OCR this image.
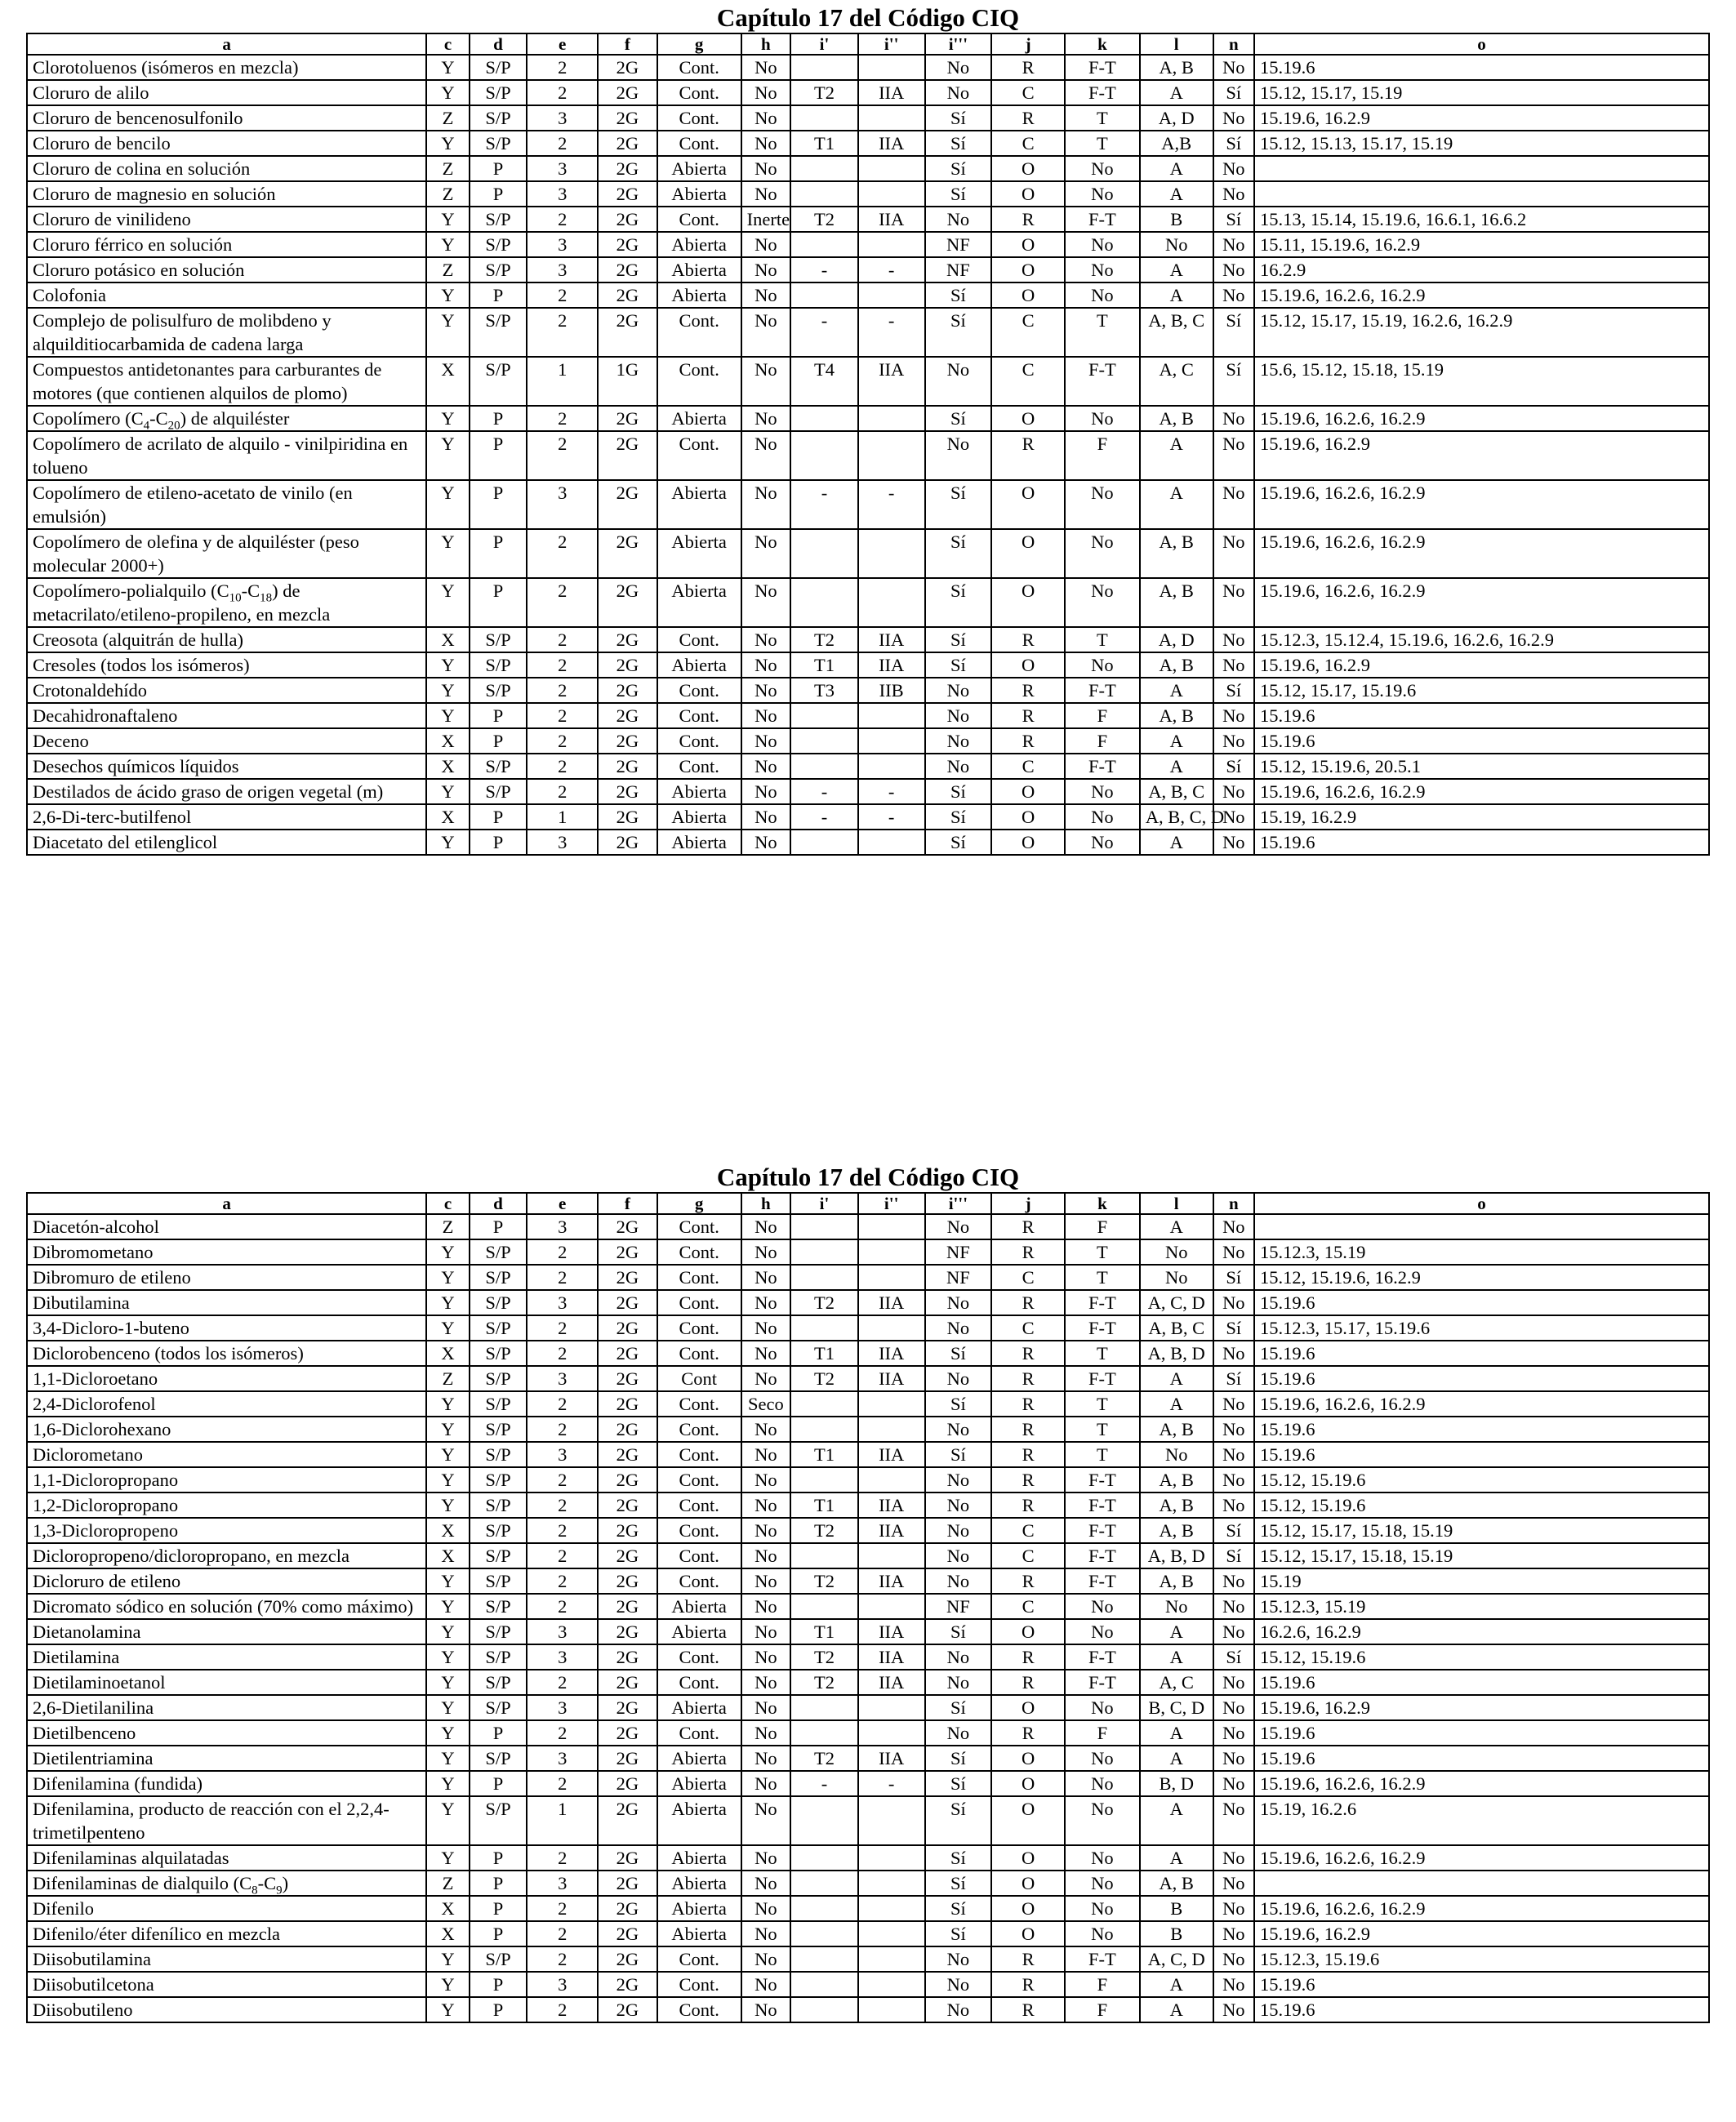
Capítulo 17 del Código CIQ
a	c	d	e	f	g	h	i'	i''	i'''	j	k	l	n	o
Clorotoluenos (isómeros en mezcla)	Y	S/P	2	2G	Cont.	No			No	R	F-T	A, B	No	15.19.6
Cloruro de alilo	Y	S/P	2	2G	Cont.	No	T2	IIA	No	C	F-T	A	Sí	15.12, 15.17, 15.19
Cloruro de bencenosulfonilo	Z	S/P	3	2G	Cont.	No			Sí	R	T	A, D	No	15.19.6, 16.2.9
Cloruro de bencilo	Y	S/P	2	2G	Cont.	No	T1	IIA	Sí	C	T	A,B	Sí	15.12, 15.13, 15.17, 15.19
Cloruro de colina en solución	Z	P	3	2G	Abierta	No			Sí	O	No	A	No	
Cloruro de magnesio en solución	Z	P	3	2G	Abierta	No			Sí	O	No	A	No	
Cloruro de vinilideno	Y	S/P	2	2G	Cont.	Inerte	T2	IIA	No	R	F-T	B	Sí	15.13, 15.14, 15.19.6, 16.6.1, 16.6.2
Cloruro férrico en solución	Y	S/P	3	2G	Abierta	No			NF	O	No	No	No	15.11, 15.19.6, 16.2.9
Cloruro potásico en solución	Z	S/P	3	2G	Abierta	No	-	-	NF	O	No	A	No	16.2.9
Colofonia	Y	P	2	2G	Abierta	No			Sí	O	No	A	No	15.19.6, 16.2.6, 16.2.9
Complejo de polisulfuro de molibdeno y alquilditiocarbamida de cadena larga	Y	S/P	2	2G	Cont.	No	-	-	Sí	C	T	A, B, C	Sí	15.12, 15.17, 15.19, 16.2.6, 16.2.9
Compuestos antidetonantes para carburantes de motores (que contienen alquilos de plomo)	X	S/P	1	1G	Cont.	No	T4	IIA	No	C	F-T	A, C	Sí	15.6, 15.12, 15.18, 15.19
Copolímero $(C_4-C_{20})$ de alquiléster	Y	P	2	2G	Abierta	No			Sí	O	No	A, B	No	15.19.6, 16.2.6, 16.2.9
Copolímero de acrilato de alquilo - vinilpiridina en tolueno	Y	P	2	2G	Cont.	No			No	R	F	A	No	15.19.6, 16.2.9
Copolímero de etileno-acetato de vinilo (en emulsión)	Y	P	3	2G	Abierta	No	-	-	Sí	O	No	A	No	15.19.6, 16.2.6, 16.2.9
Copolímero de olefina y de alquiléster (peso molecular 2000+)	Y	P	2	2G	Abierta	No			Sí	O	No	A, B	No	15.19.6, 16.2.6, 16.2.9
Copolímero-polialquilo $(C_{10}-C_{18})$ de metacrilato/etileno-propileno, en mezcla	Y	P	2	2G	Abierta	No			Sí	O	No	A, B	No	15.19.6, 16.2.6, 16.2.9
Creosota (alquitrán de hulla)	X	S/P	2	2G	Cont.	No	T2	IIA	Sí	R	T	A, D	No	15.12.3, 15.12.4, 15.19.6, 16.2.6, 16.2.9
Cresoles (todos los isómeros)	Y	S/P	2	2G	Abierta	No	T1	IIA	Sí	O	No	A, B	No	15.19.6, 16.2.9
Crotonaldehído	Y	S/P	2	2G	Cont.	No	T3	IIB	No	R	F-T	A	Sí	15.12, 15.17, 15.19.6
Decahidronaftaleno	Y	P	2	2G	Cont.	No			No	R	F	A, B	No	15.19.6
Deceno	X	P	2	2G	Cont.	No			No	R	F	A	No	15.19.6
Desechos químicos líquidos	X	S/P	2	2G	Cont.	No			No	C	F-T	A	Sí	15.12, 15.19.6, 20.5.1
Destilados de ácido graso de origen vegetal (m)	Y	S/P	2	2G	Abierta	No	-	-	Sí	O	No	A, B, C	No	15.19.6, 16.2.6, 16.2.9
2,6-Di-terc-butilfenol	X	P	1	2G	Abierta	No	-	-	Sí	O	No	A, B, C, D	No	15.19, 16.2.9
Diacetato del etilenglicol	Y	P	3	2G	Abierta	No			Sí	O	No	A	No	15.19.6
Capítulo 17 del Código CIQ
a	c	d	e	f	g	h	i'	i''	i'''	j	k	l	n	o
Diacetón-alcohol	Z	P	3	2G	Cont.	No			No	R	F	A	No	
Dibromometano	Y	S/P	2	2G	Cont.	No			NF	R	T	No	No	15.12.3, 15.19
Dibromuro de etileno	Y	S/P	2	2G	Cont.	No			NF	C	T	No	Sí	15.12, 15.19.6, 16.2.9
Dibutilamina	Y	S/P	3	2G	Cont.	No	T2	IIA	No	R	F-T	A, C, D	No	15.19.6
3,4-Dicloro-1-buteno	Y	S/P	2	2G	Cont.	No			No	C	F-T	A, B, C	Sí	15.12.3, 15.17, 15.19.6
Diclorobenceno (todos los isómeros)	X	S/P	2	2G	Cont.	No	T1	IIA	Sí	R	T	A, B, D	No	15.19.6
1,1-Dicloroetano	Z	S/P	3	2G	Cont	No	T2	IIA	No	R	F-T	A	Sí	15.19.6
2,4-Diclorofenol	Y	S/P	2	2G	Cont.	Seco			Sí	R	T	A	No	15.19.6, 16.2.6, 16.2.9
1,6-Diclorohexano	Y	S/P	2	2G	Cont.	No			No	R	T	A, B	No	15.19.6
Diclorometano	Y	S/P	3	2G	Cont.	No	T1	IIA	Sí	R	T	No	No	15.19.6
1,1-Dicloropropano	Y	S/P	2	2G	Cont.	No			No	R	F-T	A, B	No	15.12, 15.19.6
1,2-Dicloropropano	Y	S/P	2	2G	Cont.	No	T1	IIA	No	R	F-T	A, B	No	15.12, 15.19.6
1,3-Dicloropropeno	X	S/P	2	2G	Cont.	No	T2	IIA	No	C	F-T	A, B	Sí	15.12, 15.17, 15.18, 15.19
Dicloropropeno/dicloropropano, en mezcla	X	S/P	2	2G	Cont.	No			No	C	F-T	A, B, D	Sí	15.12, 15.17, 15.18, 15.19
Dicloruro de etileno	Y	S/P	2	2G	Cont.	No	T2	IIA	No	R	F-T	A, B	No	15.19
Dicromato sódico en solución (70% como máximo)	Y	S/P	2	2G	Abierta	No			NF	C	No	No	No	15.12.3, 15.19
Dietanolamina	Y	S/P	3	2G	Abierta	No	T1	IIA	Sí	O	No	A	No	16.2.6, 16.2.9
Dietilamina	Y	S/P	3	2G	Cont.	No	T2	IIA	No	R	F-T	A	Sí	15.12, 15.19.6
Dietilaminoetanol	Y	S/P	2	2G	Cont.	No	T2	IIA	No	R	F-T	A, C	No	15.19.6
2,6-Dietilanilina	Y	S/P	3	2G	Abierta	No			Sí	O	No	B, C, D	No	15.19.6, 16.2.9
Dietilbenceno	Y	P	2	2G	Cont.	No			No	R	F	A	No	15.19.6
Dietilentriamina	Y	S/P	3	2G	Abierta	No	T2	IIA	Sí	O	No	A	No	15.19.6
Difenilamina (fundida)	Y	P	2	2G	Abierta	No	-	-	Sí	O	No	B, D	No	15.19.6, 16.2.6, 16.2.9
Difenilamina, producto de reacción con el 2,2,4-trimetilpenteno	Y	S/P	1	2G	Abierta	No			Sí	O	No	A	No	15.19, 16.2.6
Difenilaminas alquilatadas	Y	P	2	2G	Abierta	No			Sí	O	No	A	No	15.19.6, 16.2.6, 16.2.9
Difenilaminas de dialquilo $(C_8-C_9)$	Z	P	3	2G	Abierta	No			Sí	O	No	A, B	No	
Difenilo	X	P	2	2G	Abierta	No			Sí	O	No	B	No	15.19.6, 16.2.6, 16.2.9
Difenilo/éter difenílico en mezcla	X	P	2	2G	Abierta	No			Sí	O	No	B	No	15.19.6, 16.2.9
Diisobutilamina	Y	S/P	2	2G	Cont.	No			No	R	F-T	A, C, D	No	15.12.3, 15.19.6
Diisobutilcetona	Y	P	3	2G	Cont.	No			No	R	F	A	No	15.19.6
Diisobutileno	Y	P	2	2G	Cont.	No			No	R	F	A	No	15.19.6
